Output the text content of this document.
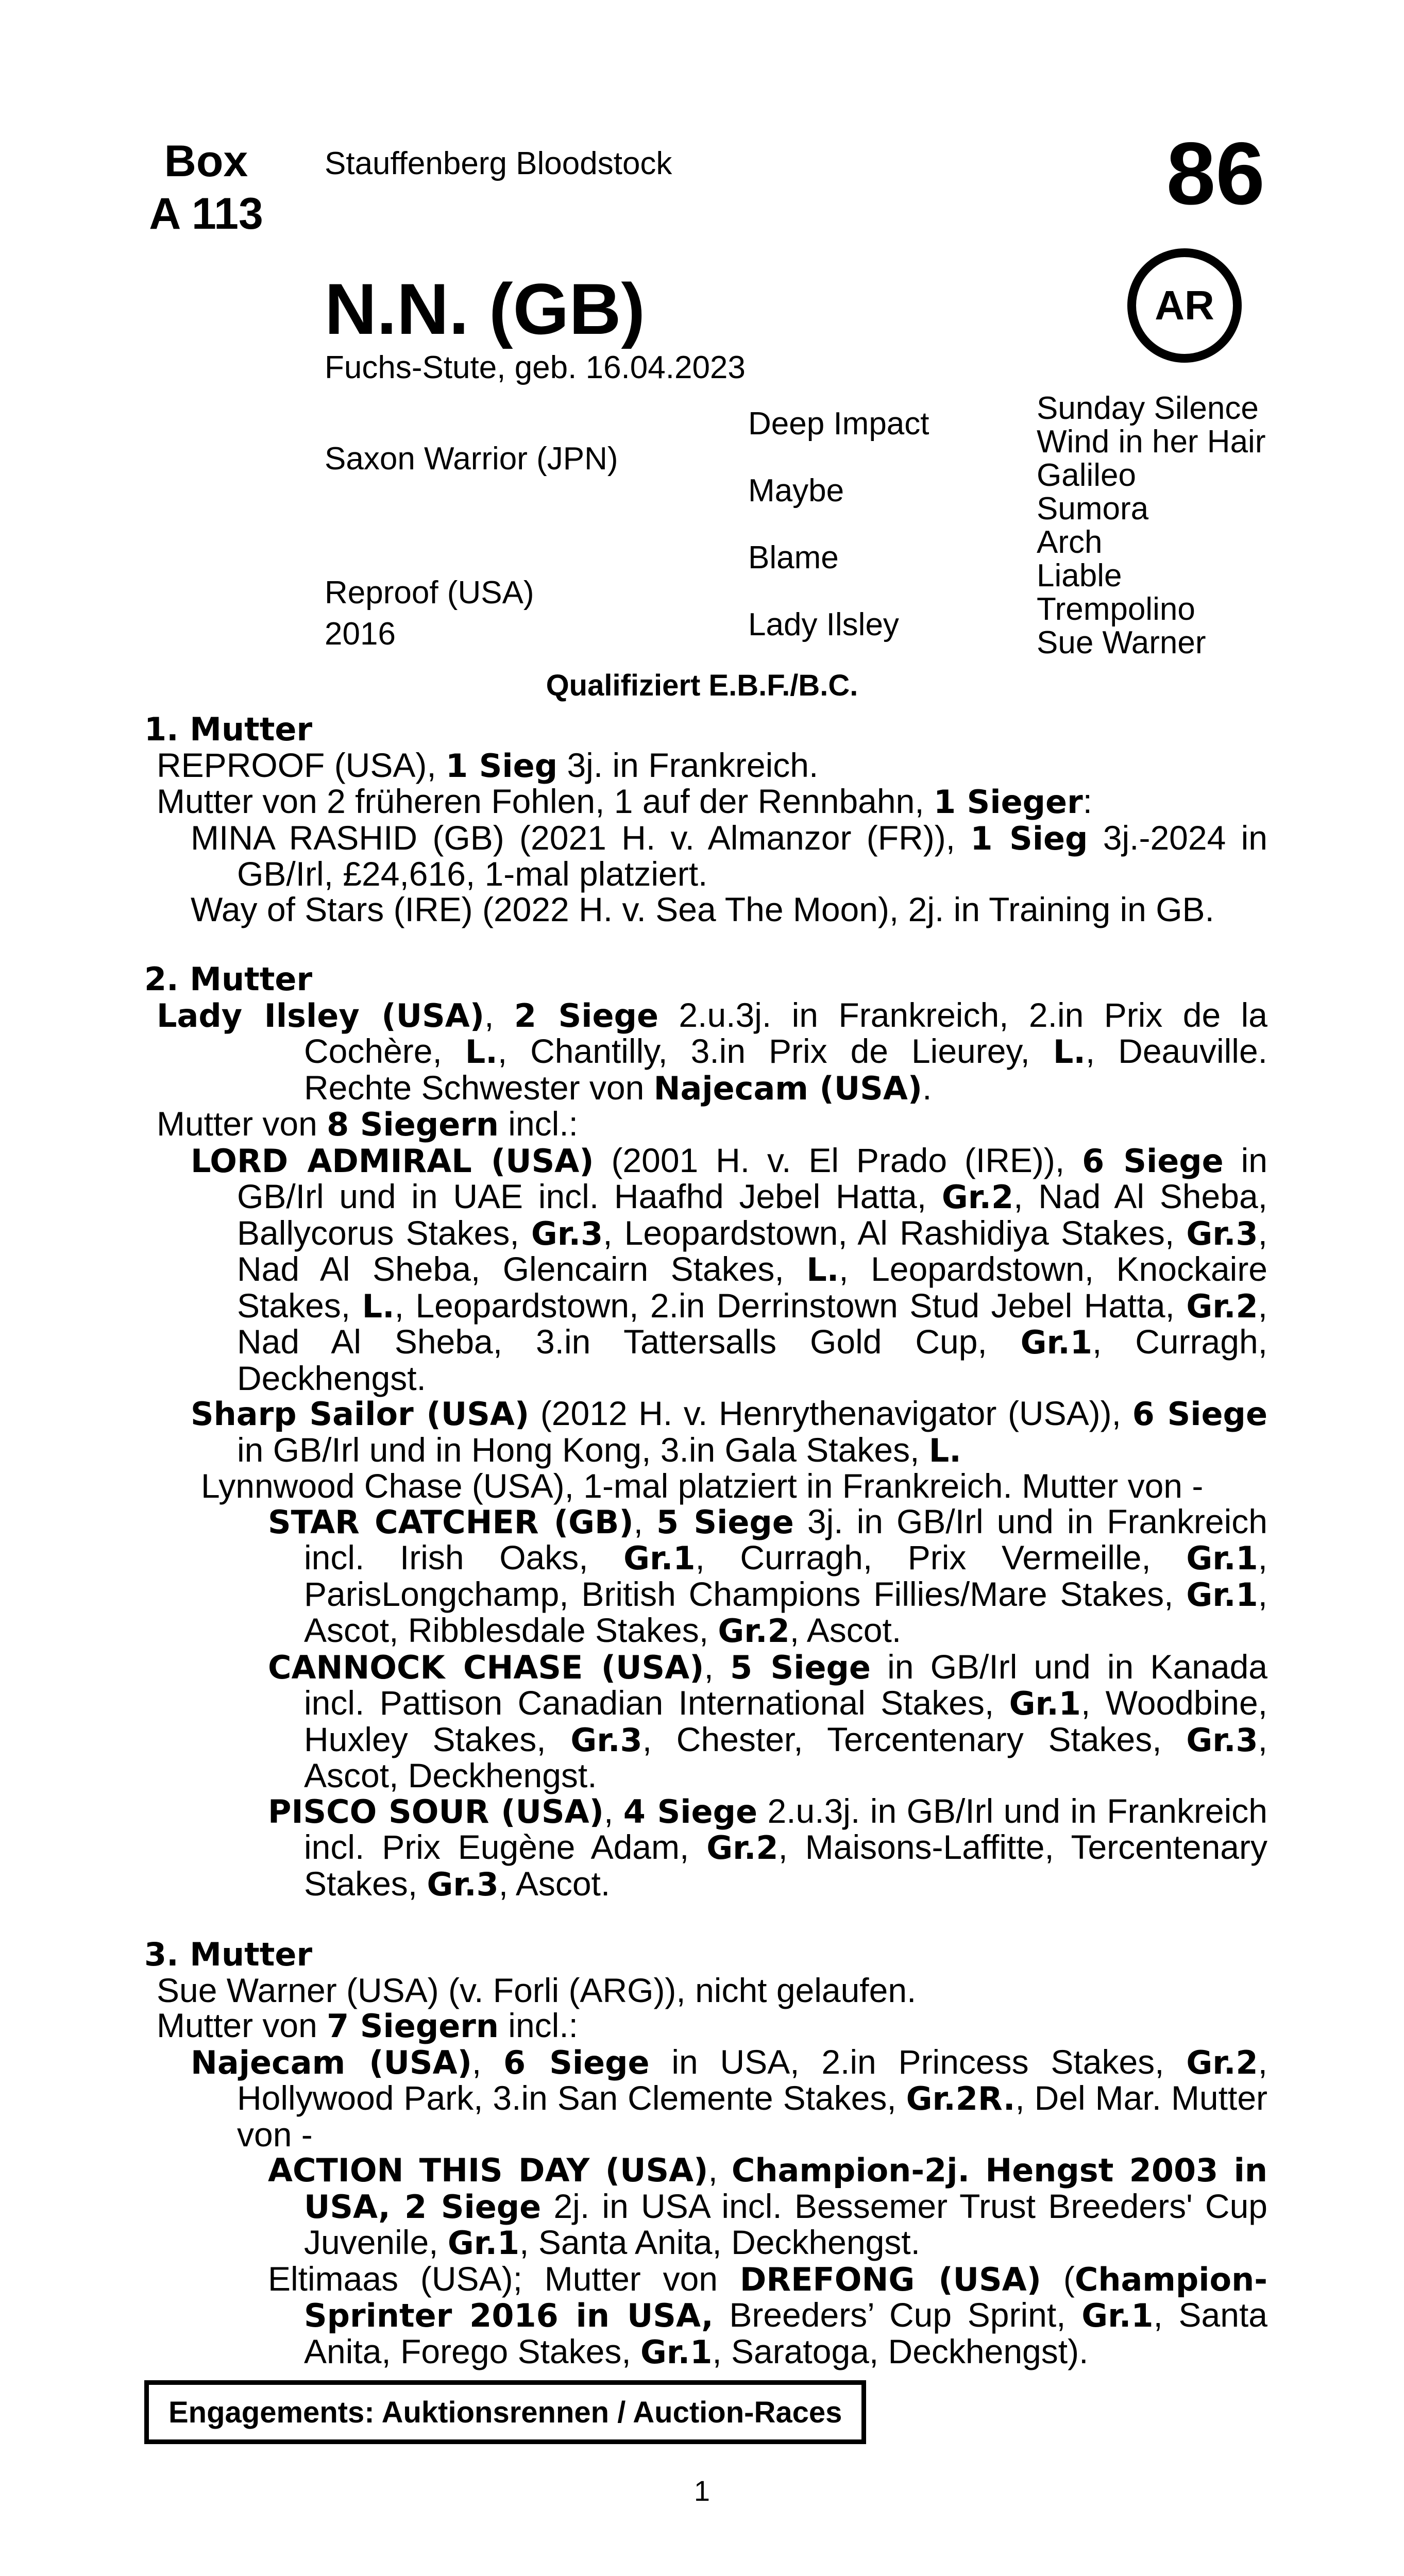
Box
A 113
Stauffenberg Bloodstock	86
AR
N.N. (GB)
Fuchs-Stute, geb. 16.04.2023
Saxon Warrior (JPN)
Reproof (USA)
2016
Deep Impact
Maybe
Blame
Lady Ilsley
Sunday Silence
Wind in her Hair
Galileo
Sumora
Arch
Liable
Trempolino
Sue Warner
Qualifiziert E.B.F./B.C.

1. Mutter

REPROOF (USA), 1 Sieg 3j. in Frankreich.

Mutter von 2 früheren Fohlen, 1 auf der Rennbahn, 1 Sieger:

MINA RASHID (GB) (2021 H. v. Almanzor (FR)), 1 Sieg 3j.-2024 in GB/Irl, £24,616, 1-mal platziert.

Way of Stars (IRE) (2022 H. v. Sea The Moon), 2j. in Training in GB.

2. Mutter

Lady Ilsley (USA), 2 Siege 2.u.3j. in Frankreich, 2.in Prix de la Cochère, L., Chantilly, 3.in Prix de Lieurey, L., Deauville. Rechte Schwester von Najecam (USA).

Mutter von 8 Siegern incl.:

LORD ADMIRAL (USA) (2001 H. v. El Prado (IRE)), 6 Siege in GB/Irl und in UAE incl. Haafhd Jebel Hatta, Gr.2, Nad Al Sheba, Ballycorus Stakes, Gr.3, Leopardstown, Al Rashidiya Stakes, Gr.3, Nad Al Sheba, Glencairn Stakes, L., Leopardstown, Knockaire Stakes, L., Leopardstown, 2.in Derrinstown Stud Jebel Hatta, Gr.2, Nad Al Sheba, 3.in Tattersalls Gold Cup, Gr.1, Curragh, Deckhengst.

Sharp Sailor (USA) (2012 H. v. Henrythenavigator (USA)), 6 Siege in GB/Irl und in Hong Kong, 3.in Gala Stakes, L.

Lynnwood Chase (USA), 1-mal platziert in Frankreich. Mutter von -

STAR CATCHER (GB), 5 Siege 3j. in GB/Irl und in Frankreich incl. Irish Oaks, Gr.1, Curragh, Prix Vermeille, Gr.1, ParisLongchamp, British Champions Fillies/Mare Stakes, Gr.1, Ascot, Ribblesdale Stakes, Gr.2, Ascot.

CANNOCK CHASE (USA), 5 Siege in GB/Irl und in Kanada incl. Pattison Canadian International Stakes, Gr.1, Woodbine, Huxley Stakes, Gr.3, Chester, Tercentenary Stakes, Gr.3, Ascot, Deckhengst.

PISCO SOUR (USA), 4 Siege 2.u.3j. in GB/Irl und in Frankreich incl. Prix Eugène Adam, Gr.2, Maisons-Laffitte, Tercentenary Stakes, Gr.3, Ascot.

3. Mutter

Sue Warner (USA) (v. Forli (ARG)), nicht gelaufen.

Mutter von 7 Siegern incl.:

Najecam (USA), 6 Siege in USA, 2.in Princess Stakes, Gr.2, Hollywood Park, 3.in San Clemente Stakes, Gr.2R., Del Mar. Mutter von -

ACTION THIS DAY (USA), Champion-2j. Hengst 2003 in USA, 2 Siege 2j. in USA incl. Bessemer Trust Breeders' Cup Juvenile, Gr.1, Santa Anita, Deckhengst.

Eltimaas (USA); Mutter von DREFONG (USA) (Champion-Sprinter 2016 in USA, Breeders’ Cup Sprint, Gr.1, Santa Anita, Forego Stakes, Gr.1, Saratoga, Deckhengst).

Engagements: Auktionsrennen / Auction-Races
1
